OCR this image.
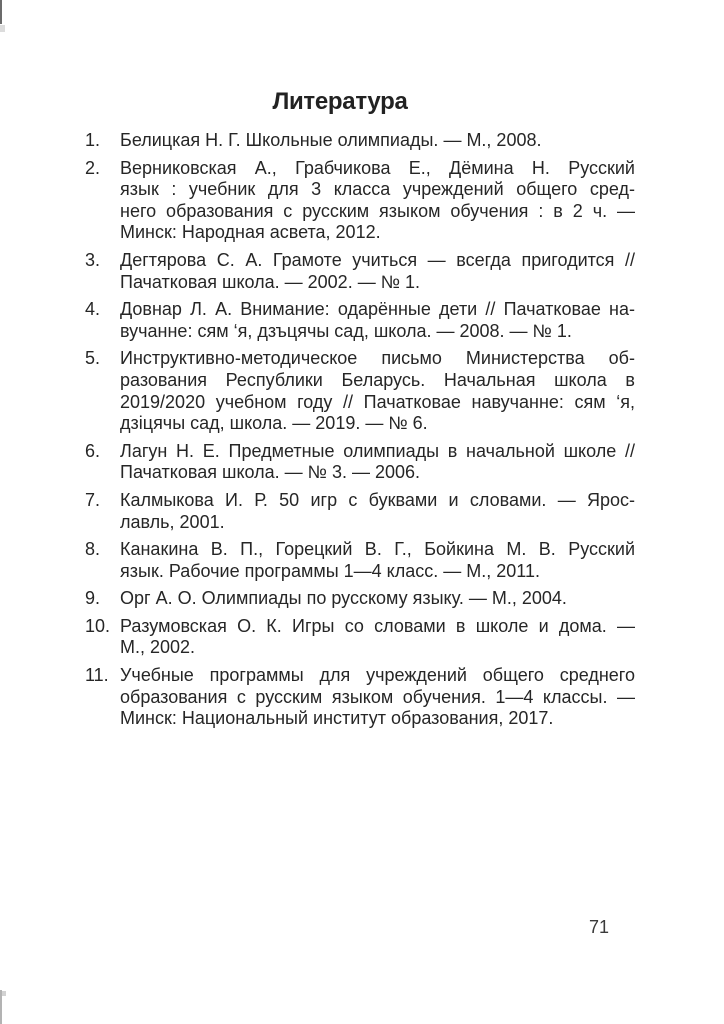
Литература
1.	Белицкая Н. Г. Школьные олимпиады. — М., 2008.
2.	Верниковская А., Грабчикова Е., Дёмина Н. Русский
язык : учебник для 3 класса учреждений общего сред-
него образования с русским языком обучения : в 2 ч. —
Минск: Народная асвета, 2012.
3.	Дегтярова С. А. Грамоте учиться — всегда пригодится //
Пачатковая школа. — 2002. — № 1.
4.	Довнар Л. А. Внимание: одарённые дети // Пачатковае на-
вучанне: сям ‘я, дзъцячы сад, школа. — 2008. — № 1.
5.	Инструктивно-методическое письмо Министерства об-
разования Республики Беларусь. Начальная школа в
2019/2020 учебном году // Пачатковае навучанне: сям ‘я,
дзіцячы сад, школа. — 2019. — № 6.
6.	Лагун Н. Е. Предметные олимпиады в начальной школе //
Пачатковая школа. — № 3. — 2006.
7.	Калмыкова И. Р. 50 игр с буквами и словами. — Ярос-
лавль, 2001.
8.	Канакина В. П., Горецкий В. Г., Бойкина М. В. Русский
язык. Рабочие программы 1—4 класс. — М., 2011.
9.	Орг А. О. Олимпиады по русскому языку. — М., 2004.
10. Разумовская О. К. Игры со словами в школе и дома. —
М., 2002.
11. Учебные программы для учреждений общего среднего
образования с русским языком обучения. 1—4 классы. —
Минск: Национальный институт образования, 2017.
71
